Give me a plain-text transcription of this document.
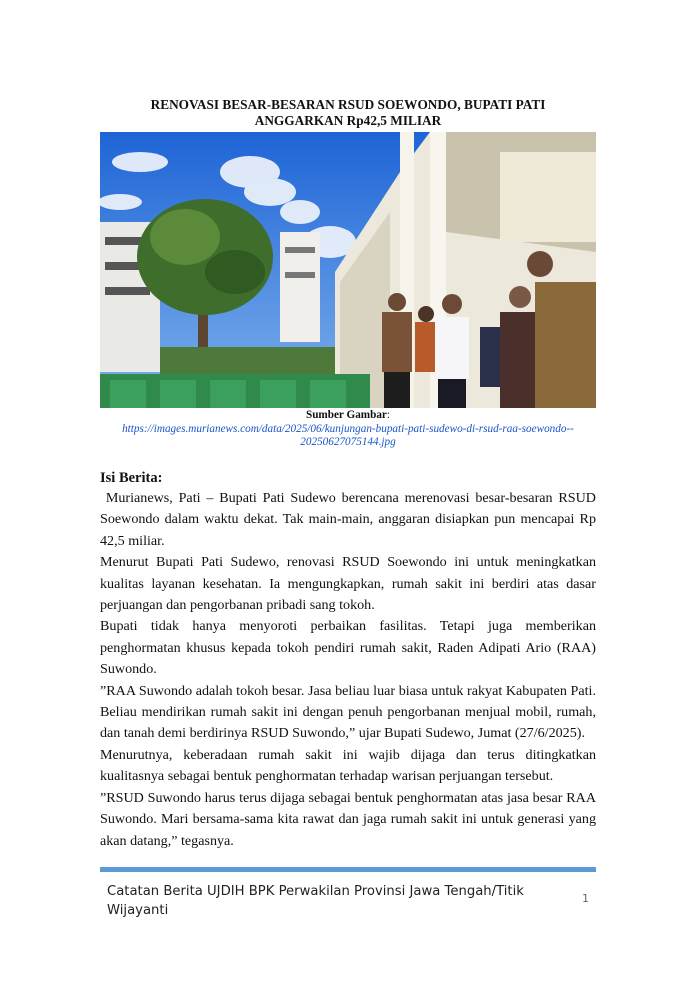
RENOVASI BESAR-BESARAN RSUD SOEWONDO, BUPATI PATI
ANGGARKAN Rp42,5 MILIAR
Sumber Gambar:
https://images.murianews.com/data/2025/06/kunjungan-bupati-pati-sudewo-di-rsud-raa-soewondo--
20250627075144.jpg
Isi Berita:

Murianews, Pati – Bupati Pati Sudewo berencana merenovasi besar-besaran RSUD Soewondo dalam waktu dekat. Tak main-main, anggaran disiapkan pun mencapai Rp 42,5 miliar.

Menurut Bupati Pati Sudewo, renovasi RSUD Soewondo ini untuk meningkatkan kualitas layanan kesehatan. Ia mengungkapkan, rumah sakit ini berdiri atas dasar perjuangan dan pengorbanan pribadi sang tokoh.

Bupati tidak hanya menyoroti perbaikan fasilitas. Tetapi juga memberikan penghormatan khusus kepada tokoh pendiri rumah sakit, Raden Adipati Ario (RAA) Suwondo.

”RAA Suwondo adalah tokoh besar. Jasa beliau luar biasa untuk rakyat Kabupaten Pati. Beliau mendirikan rumah sakit ini dengan penuh pengorbanan menjual mobil, rumah, dan tanah demi berdirinya RSUD Suwondo,” ujar Bupati Sudewo, Jumat (27/6/2025).

Menurutnya, keberadaan rumah sakit ini wajib dijaga dan terus ditingkatkan kualitasnya sebagai bentuk penghormatan terhadap warisan perjuangan tersebut.

”RSUD Suwondo harus terus dijaga sebagai bentuk penghormatan atas jasa besar RAA Suwondo. Mari bersama-sama kita rawat dan jaga rumah sakit ini untuk generasi yang akan datang,” tegasnya.

Catatan Berita UJDIH BPK Perwakilan Provinsi Jawa Tengah/Titik Wijayanti
1
